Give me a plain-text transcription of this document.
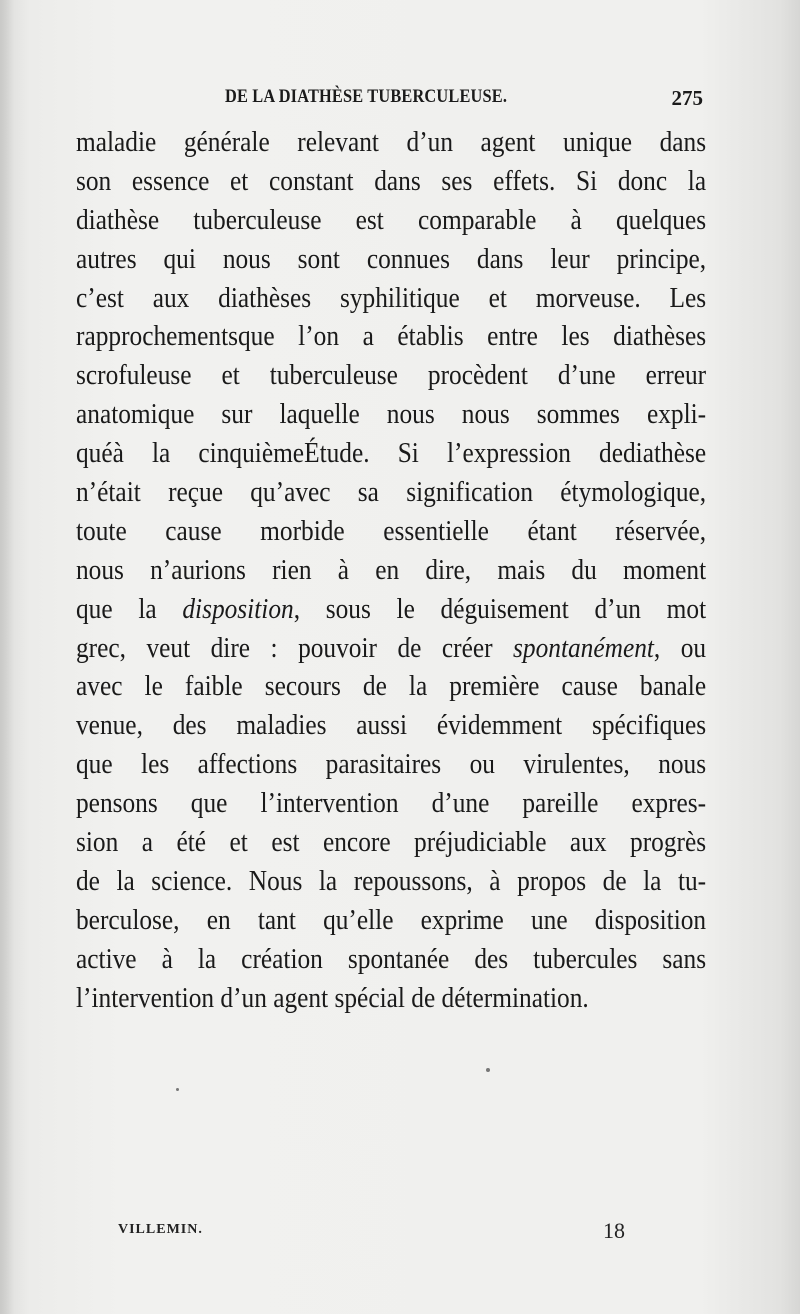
DE LA DIATHÈSE TUBERCULEUSE.	275
maladie générale relevant d’un agent unique dans
son essence et constant dans ses effets. Si donc la
diathèse tuberculeuse est comparable à quelques
autres qui nous sont connues dans leur principe,
c’est aux diathèses syphilitique et morveuse. Les
rapprochementsque l’on a établis entre les diathèses
scrofuleuse et tuberculeuse procèdent d’une erreur
anatomique sur laquelle nous nous sommes expli-
quéà la cinquièmeÉtude. Si l’expression dediathèse
n’était reçue qu’avec sa signification étymologique,
toute cause morbide essentielle étant réservée,
nous n’aurions rien à en dire, mais du moment
que la disposition, sous le déguisement d’un mot
grec, veut dire : pouvoir de créer spontanément, ou
avec le faible secours de la première cause banale
venue, des maladies aussi évidemment spécifiques
que les affections parasitaires ou virulentes, nous
pensons que l’intervention d’une pareille expres-
sion a été et est encore préjudiciable aux progrès
de la science. Nous la repoussons, à propos de la tu-
berculose, en tant qu’elle exprime une disposition
active à la création spontanée des tubercules sans
l’intervention d’un agent spécial de détermination.
VILLEMIN.	18
